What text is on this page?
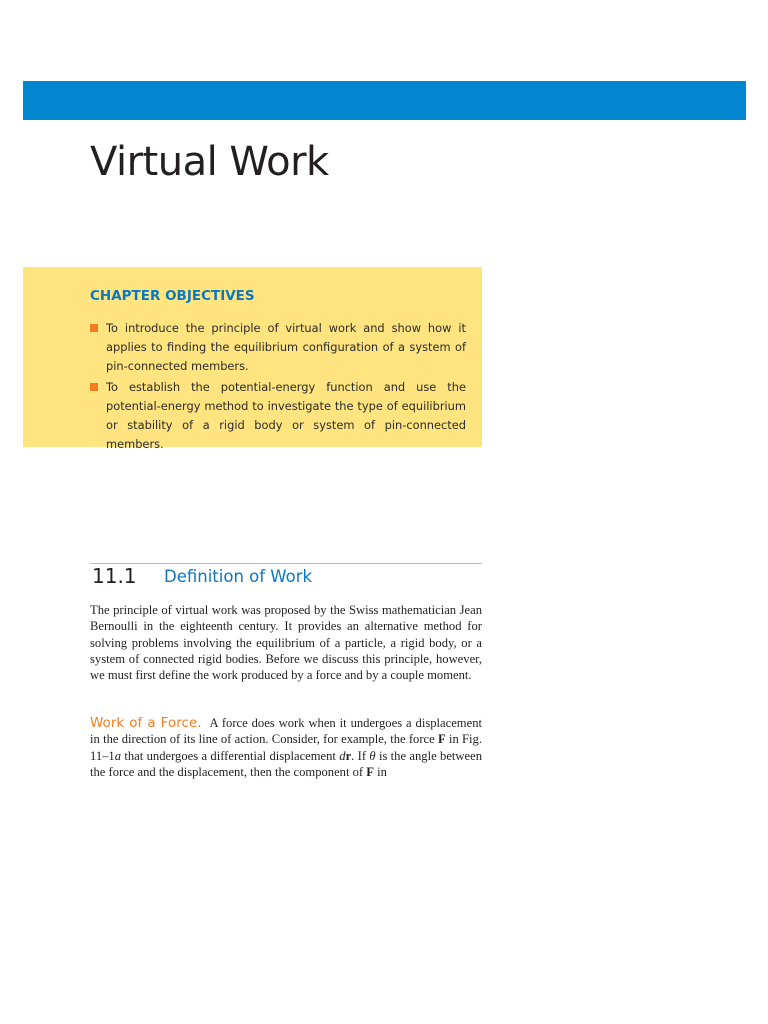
Virtual Work
CHAPTER OBJECTIVES
To introduce the principle of virtual work and show how it applies to finding the equilibrium configuration of a system of pin-connected members.
To establish the potential-energy function and use the potential-energy method to investigate the type of equilibrium or stability of a rigid body or system of pin-connected members.
11.1 Definition of Work

The principle of virtual work was proposed by the Swiss mathematician Jean Bernoulli in the eighteenth century. It provides an alternative method for solving problems involving the equilibrium of a particle, a rigid body, or a system of connected rigid bodies. Before we discuss this principle, however, we must first define the work produced by a force and by a couple moment.

Work of a Force. A force does work when it undergoes a displacement in the direction of its line of action. Consider, for example, the force F in Fig. 11–1a that undergoes a differential displacement dr. If θ is the angle between the force and the displacement, then the component of F in
